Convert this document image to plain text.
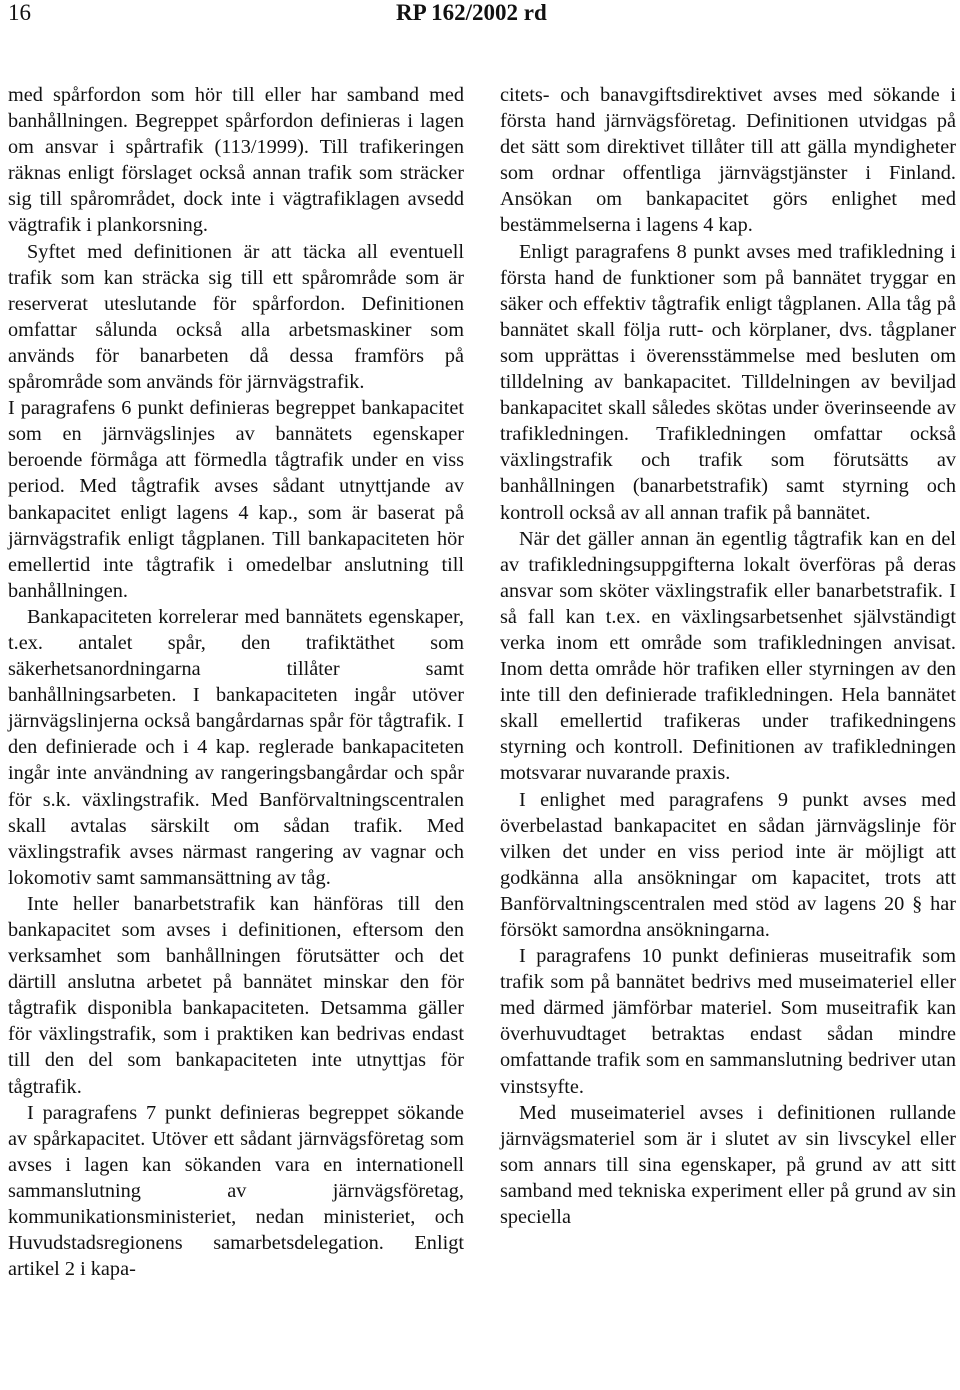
16	RP 162/2002 rd

med spårfordon som hör till eller har samband med banhållningen. Begreppet spårfordon definieras i lagen om ansvar i spårtrafik (113/1999). Till trafikeringen räknas enligt förslaget också annan trafik som sträcker sig till spårområdet, dock inte i vägtrafiklagen avsedd vägtrafik i plankorsning.

Syftet med definitionen är att täcka all eventuell trafik som kan sträcka sig till ett spårområde som är reserverat uteslutande för spårfordon. Definitionen omfattar sålunda också alla arbetsmaskiner som används för banarbeten då dessa framförs på spårområde som används för järnvägstrafik.

I paragrafens 6 punkt definieras begreppet bankapacitet som en järnvägslinjes av bannätets egenskaper beroende förmåga att förmedla tågtrafik under en viss period. Med tågtrafik avses sådant utnyttjande av bankapacitet enligt lagens 4 kap., som är baserat på järnvägstrafik enligt tågplanen. Till bankapaciteten hör emellertid inte tågtrafik i omedelbar anslutning till banhållningen.

Bankapaciteten korrelerar med bannätets egenskaper, t.ex. antalet spår, den trafiktäthet som säkerhetsanordningarna tillåter samt banhållningsarbeten. I bankapaciteten ingår utöver järnvägslinjerna också bangårdarnas spår för tågtrafik. I den definierade och i 4 kap. reglerade bankapaciteten ingår inte användning av rangeringsbangårdar och spår för s.k. växlingstrafik. Med Banförvaltningscentralen skall avtalas särskilt om sådan trafik. Med växlingstrafik avses närmast rangering av vagnar och lokomotiv samt sammansättning av tåg.

Inte heller banarbetstrafik kan hänföras till den bankapacitet som avses i definitionen, eftersom den verksamhet som banhållningen förutsätter och det därtill anslutna arbetet på bannätet minskar den för tågtrafik disponibla bankapaciteten. Detsamma gäller för växlingstrafik, som i praktiken kan bedrivas endast till den del som bankapaciteten inte utnyttjas för tågtrafik.

I paragrafens 7 punkt definieras begreppet sökande av spårkapacitet. Utöver ett sådant järnvägsföretag som avses i lagen kan sökanden vara en internationell sammanslutning av järnvägsföretag, kommunikationsministeriet, nedan ministeriet, och Huvudstadsregionens samarbetsdelegation. Enligt artikel 2 i kapa-

citets- och banavgiftsdirektivet avses med sökande i första hand järnvägsföretag. Definitionen utvidgas på det sätt som direktivet tillåter till att gälla myndigheter som ordnar offentliga järnvägstjänster i Finland. Ansökan om bankapacitet görs enlighet med bestämmelserna i lagens 4 kap.

Enligt paragrafens 8 punkt avses med trafikledning i första hand de funktioner som på bannätet tryggar en säker och effektiv tågtrafik enligt tågplanen. Alla tåg på bannätet skall följa rutt- och körplaner, dvs. tågplaner som upprättas i överensstämmelse med besluten om tilldelning av bankapacitet. Tilldelningen av beviljad bankapacitet skall således skötas under överinseende av trafikledningen. Trafikledningen omfattar också växlingstrafik och trafik som förutsätts av banhållningen (banarbetstrafik) samt styrning och kontroll också av all annan trafik på bannätet.

När det gäller annan än egentlig tågtrafik kan en del av trafikledningsuppgifterna lokalt överföras på deras ansvar som sköter växlingstrafik eller banarbetstrafik. I så fall kan t.ex. en växlingsarbetsenhet självständigt verka inom ett område som trafikledningen anvisat. Inom detta område hör trafiken eller styrningen av den inte till den definierade trafikledningen. Hela bannätet skall emellertid trafikeras under trafikedningens styrning och kontroll. Definitionen av trafikledningen motsvarar nuvarande praxis.

I enlighet med paragrafens 9 punkt avses med överbelastad bankapacitet en sådan järnvägslinje för vilken det under en viss period inte är möjligt att godkänna alla ansökningar om kapacitet, trots att Banförvaltningscentralen med stöd av lagens 20 § har försökt samordna ansökningarna.

I paragrafens 10 punkt definieras museitrafik som trafik som på bannätet bedrivs med museimateriel eller med därmed jämförbar materiel. Som museitrafik kan överhuvudtaget betraktas endast sådan mindre omfattande trafik som en sammanslutning bedriver utan vinstsyfte.

Med museimateriel avses i definitionen rullande järnvägsmateriel som är i slutet av sin livscykel eller som annars till sina egenskaper, på grund av att sitt samband med tekniska experiment eller på grund av sin speciella
